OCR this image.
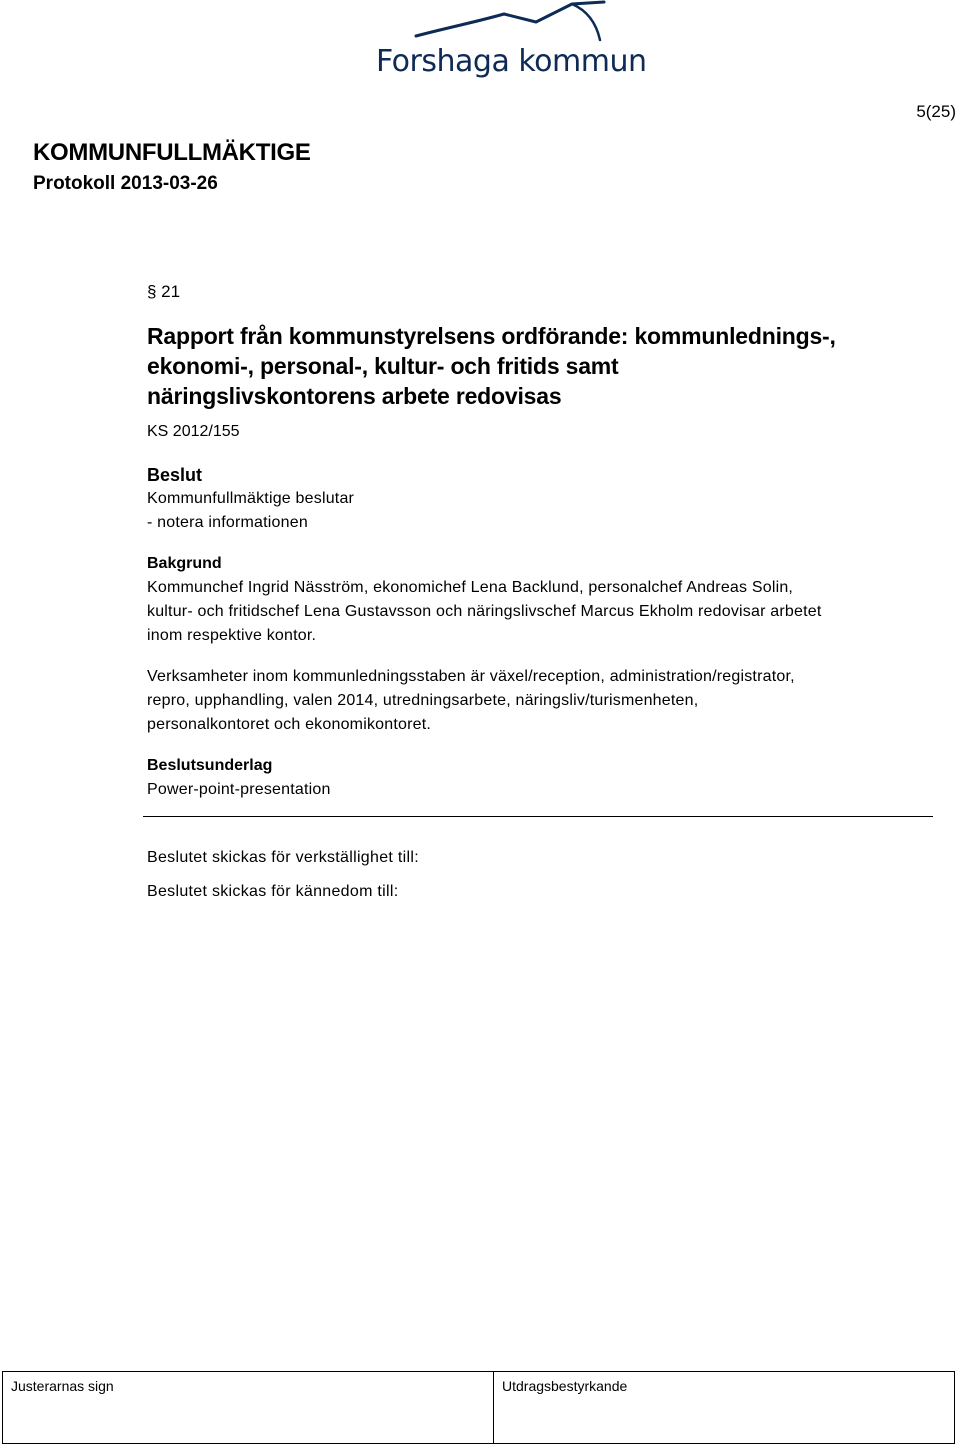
Forshaga kommun
5(25)
KOMMUNFULLMÄKTIGE
Protokoll 2013-03-26
§ 21
Rapport från kommunstyrelsens ordförande: kommunlednings-,
ekonomi-, personal-, kultur- och fritids samt
näringslivskontorens arbete redovisas
KS 2012/155
Beslut
Kommunfullmäktige beslutar
- notera informationen
Bakgrund
Kommunchef Ingrid Näsström, ekonomichef Lena Backlund, personalchef Andreas Solin,
kultur- och fritidschef Lena Gustavsson och näringslivschef Marcus Ekholm redovisar arbetet
inom respektive kontor.
Verksamheter inom kommunledningsstaben är växel/reception, administration/registrator,
repro, upphandling, valen 2014, utredningsarbete, näringsliv/turismenheten,
personalkontoret och ekonomikontoret.
Beslutsunderlag
Power-point-presentation
Beslutet skickas för verkställighet till:
Beslutet skickas för kännedom till:
Justerarnas sign	Utdragsbestyrkande
